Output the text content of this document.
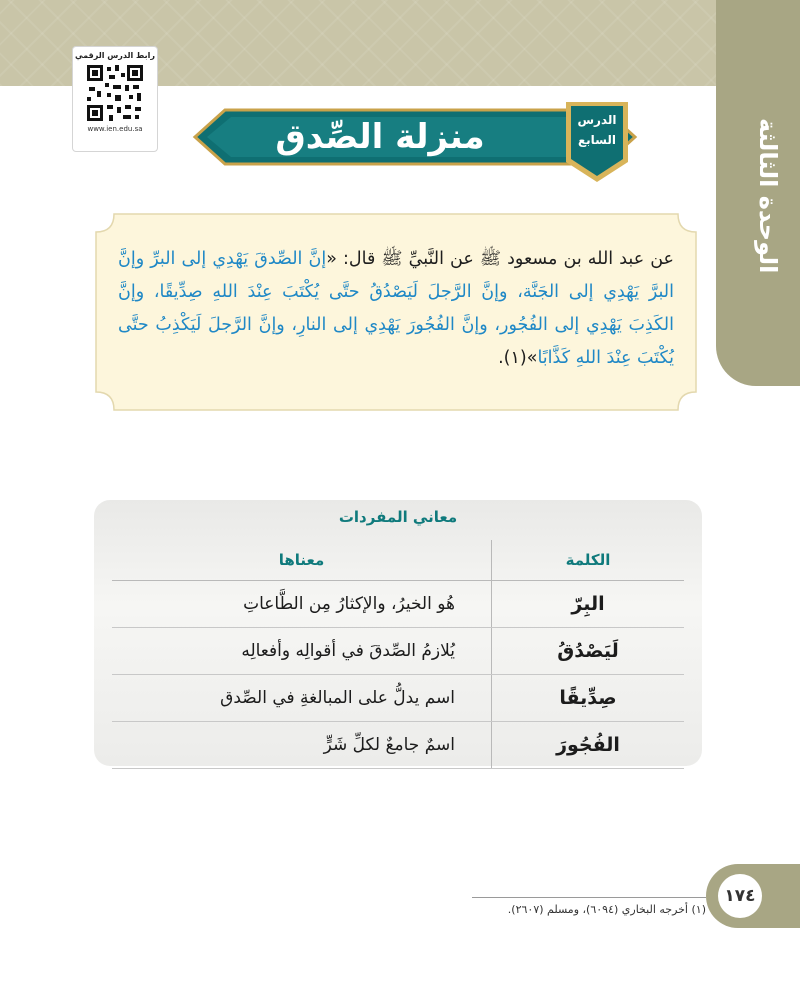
الوحدة الثالثة
رابط الدرس الرقمي
www.ien.edu.sa
الدرس
السابع
منزلة الصِّدق
عن عبد الله بن مسعود ﷺ عن النَّبيِّ ﷺ قال: «إنَّ الصِّدقَ يَهْدِي إلى البرِّ وإنَّ البرَّ يَهْدِي إلى الجَنَّة، وإنَّ الرَّجلَ لَيَصْدُقُ حتَّى يُكْتَبَ عِنْدَ اللهِ صِدِّيقًا، وإنَّ الكَذِبَ يَهْدِي إلى الفُجُور، وإنَّ الفُجُورَ يَهْدِي إلى النارِ، وإنَّ الرَّجلَ لَيَكْذِبُ حتَّى يُكْتَبَ عِنْدَ اللهِ كَذَّابًا»(١).
معاني المفردات
الكلمة	معناها
البِرّ	هُو الخيرُ، والإكثارُ مِن الطَّاعاتِ
لَيَصْدُقُ	يُلازمُ الصِّدقَ في أقوالِه وأفعالِه
صِدِّيقًا	اسم يدلُّ على المبالغةِ في الصِّدق
الفُجُورَ	اسمٌ جامعٌ لكلِّ شَرٍّ
(١) أخرجه البخاري (٦٠٩٤)، ومسلم (٢٦٠٧).
١٧٤
